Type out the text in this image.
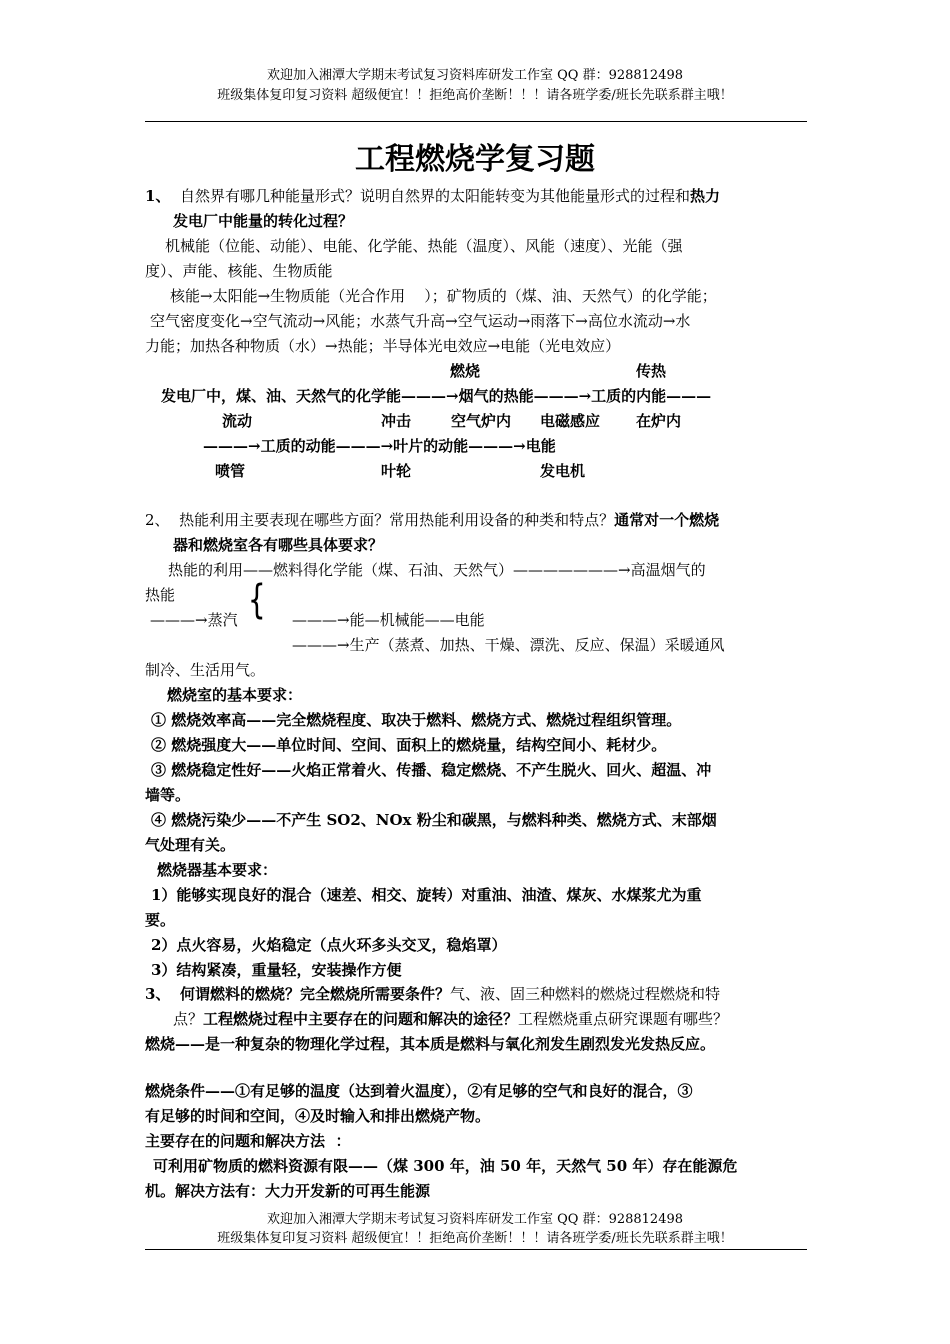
欢迎加入湘潭大学期末考试复习资料库研发工作室 QQ 群：928812498
班级集体复印复习资料 超级便宜！！拒绝高价垄断！！！请各班学委/班长先联系群主哦！
工程燃烧学复习题
1、 自然界有哪几种能量形式？说明自然界的太阳能转变为其他能量形式的过程和热力
发电厂中能量的转化过程？
机械能（位能、动能）、电能、化学能、热能（温度）、风能（速度）、光能（强
度）、声能、核能、生物质能
核能→太阳能→生物质能（光合作用    ）；矿物质的（煤、油、天然气）的化学能；
空气密度变化→空气流动→风能；水蒸气升高→空气运动→雨落下→高位水流动→水
力能；加热各种物质（水）→热能；半导体光电效应→电能（光电效应）
燃烧	传热
发电厂中，煤、油、天然气的化学能———→烟气的热能———→工质的内能———
流动	冲击	空气炉内 电磁感应 在炉内
———→工质的动能———→叶片的动能———→电能
喷管	叶轮	发电机
2、 热能利用主要表现在哪些方面？常用热能利用设备的种类和特点？通常对一个燃烧
器和燃烧室各有哪些具体要求？
热能的利用——燃料得化学能（煤、石油、天然气）———————→高温烟气的
热能 {
———→蒸汽	———→能—机械能——电能
———→生产（蒸煮、加热、干燥、漂洗、反应、保温）采暖通风
制冷、生活用气。
燃烧室的基本要求：
① 燃烧效率高——完全燃烧程度、取决于燃料、燃烧方式、燃烧过程组织管理。
② 燃烧强度大——单位时间、空间、面积上的燃烧量，结构空间小、耗材少。
③ 燃烧稳定性好——火焰正常着火、传播、稳定燃烧、不产生脱火、回火、超温、冲
墙等。
④ 燃烧污染少——不产生 SO2、NOx 粉尘和碳黑，与燃料种类、燃烧方式、末部烟
气处理有关。
燃烧器基本要求：
1）能够实现良好的混合（速差、相交、旋转）对重油、油渣、煤灰、水煤浆尤为重
要。
2）点火容易，火焰稳定（点火环多头交叉，稳焰罩）
3）结构紧凑，重量轻，安装操作方便
3、 何谓燃料的燃烧？完全燃烧所需要条件？气、液、固三种燃料的燃烧过程燃烧和特
点？工程燃烧过程中主要存在的问题和解决的途径？工程燃烧重点研究课题有哪些？
燃烧——是一种复杂的物理化学过程，其本质是燃料与氧化剂发生剧烈发光发热反应。
燃烧条件——①有足够的温度（达到着火温度），②有足够的空气和良好的混合，③
有足够的时间和空间，④及时输入和排出燃烧产物。
主要存在的问题和解决方法  ：
可利用矿物质的燃料资源有限——（煤 300 年，油 50 年，天然气 50 年）存在能源危
机。解决方法有：大力开发新的可再生能源
欢迎加入湘潭大学期末考试复习资料库研发工作室 QQ 群：928812498
班级集体复印复习资料 超级便宜！！拒绝高价垄断！！！请各班学委/班长先联系群主哦！
